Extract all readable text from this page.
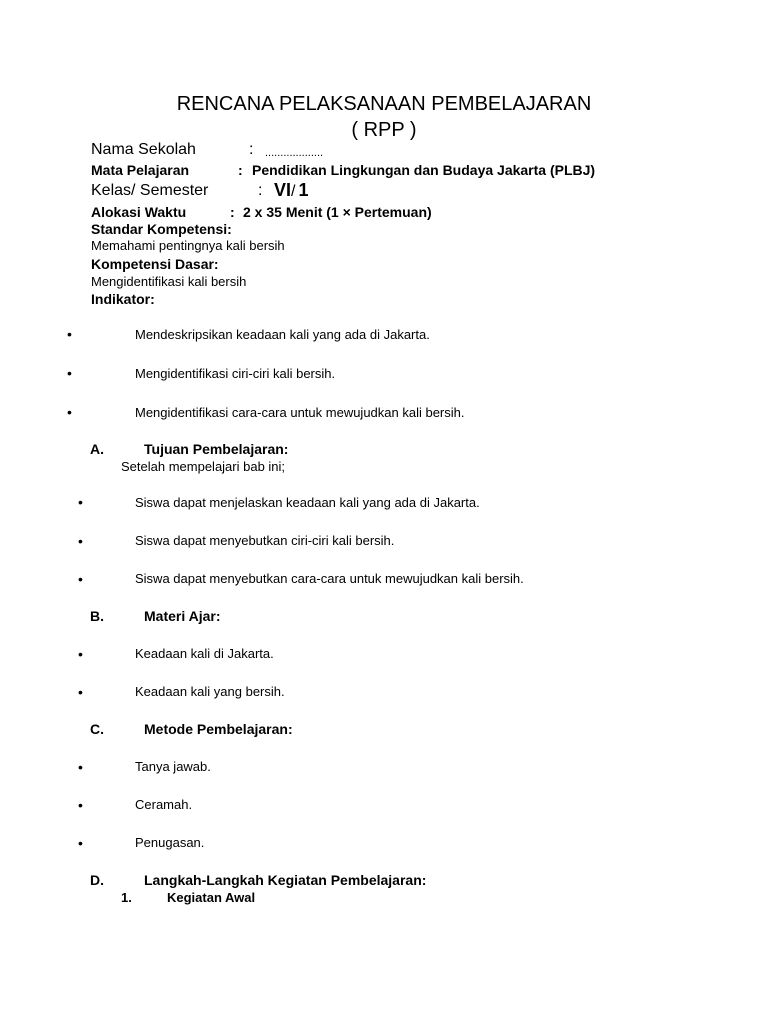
RENCANA PELAKSANAAN PEMBELAJARAN
( RPP )
Nama Sekolah	: ...................
Mata Pelajaran	: Pendidikan Lingkungan dan Budaya Jakarta (PLBJ)
Kelas/ Semester	: VI/ 1
Alokasi Waktu	: 2 x 35 Menit (1 × Pertemuan)
Standar Kompetensi:
Memahami pentingnya kali bersih
Kompetensi Dasar:
Mengidentifikasi kali bersih
Indikator:
•	Mendeskripsikan keadaan kali yang ada di Jakarta.
•	Mengidentifikasi ciri-ciri kali bersih.
•	Mengidentifikasi cara-cara untuk mewujudkan kali bersih.
A.	Tujuan Pembelajaran:
Setelah mempelajari bab ini;
•	Siswa dapat menjelaskan keadaan kali yang ada di Jakarta.
•	Siswa dapat menyebutkan ciri-ciri kali bersih.
•	Siswa dapat menyebutkan cara-cara untuk mewujudkan kali bersih.
B.	Materi Ajar:
•	Keadaan kali di Jakarta.
•	Keadaan kali yang bersih.
C.	Metode Pembelajaran:
•	Tanya jawab.
•	Ceramah.
•	Penugasan.
D.	Langkah-Langkah Kegiatan Pembelajaran:
1.	Kegiatan Awal
